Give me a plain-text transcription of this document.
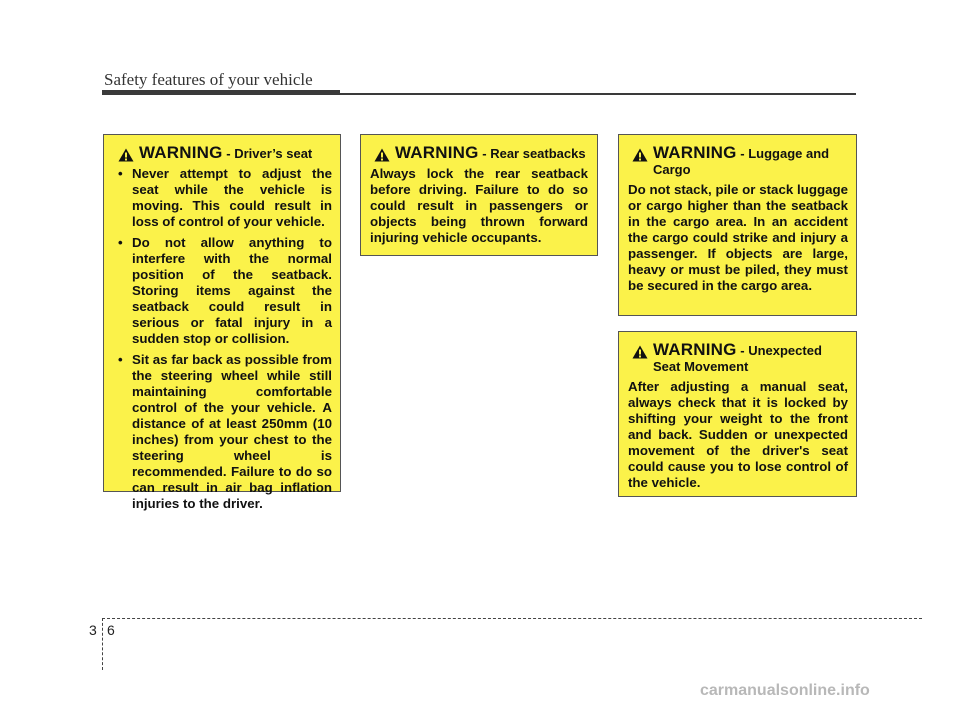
Safety features of your vehicle
WARNING - Driver’s seat
• Never attempt to adjust the seat while the vehicle is moving. This could result in loss of control of your vehicle.
• Do not allow anything to interfere with the normal position of the seatback. Storing items against the seatback could result in serious or fatal injury in a sudden stop or collision.
• Sit as far back as possible from the steering wheel while still maintaining comfortable control of the your vehicle. A distance of at least 250mm (10 inches) from your chest to the steering wheel is recommended. Failure to do so can result in air bag inflation injuries to the driver.
WARNING - Rear seatbacks

Always lock the rear seatback before driving. Failure to do so could result in passengers or objects being thrown forward injuring vehicle occupants.

WARNING - Luggage and Cargo

Do not stack, pile or stack luggage or cargo higher than the seatback in the cargo area. In an accident the cargo could strike and injury a passenger. If objects are large, heavy or must be piled, they must be secured in the cargo area.

WARNING - Unexpected Seat Movement

After adjusting a manual seat, always check that it is locked by shifting your weight to the front and back. Sudden or unexpected movement of the driver's seat could cause you to lose control of the vehicle.

3 6
carmanualsonline.info
